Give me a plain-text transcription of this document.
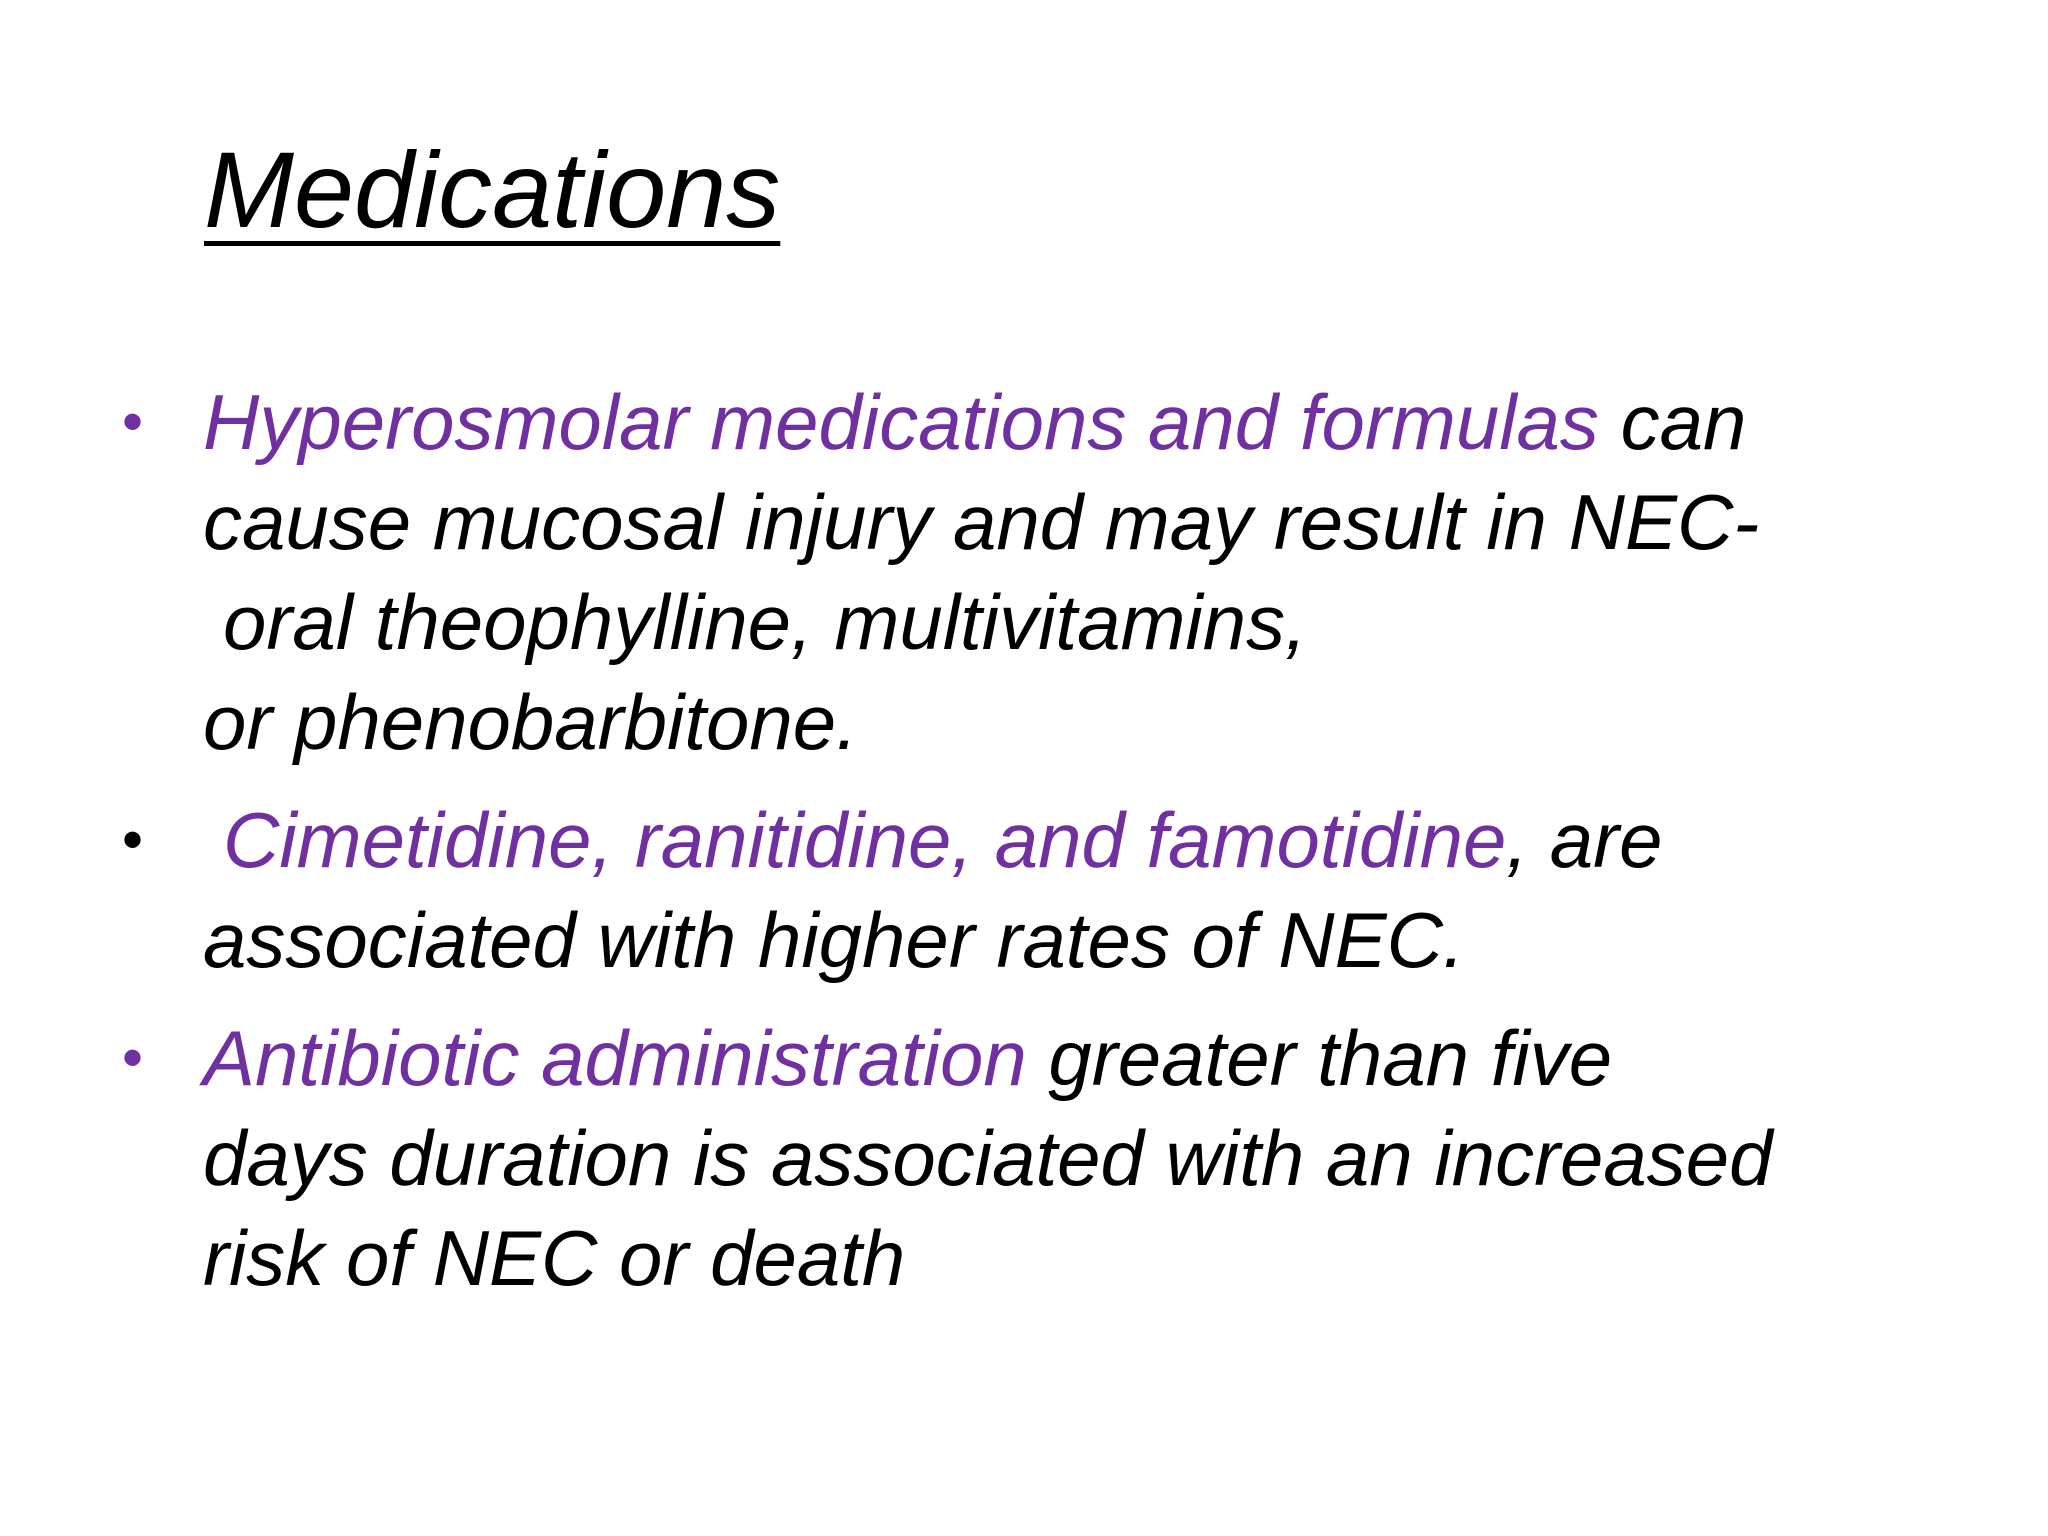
Medications
• Hyperosmolar medications and formulas can
cause mucosal injury and may result in NEC-
oral theophylline, multivitamins,
or phenobarbitone.
• Cimetidine, ranitidine, and famotidine, are
associated with higher rates of NEC.
• Antibiotic administration greater than five
days duration is associated with an increased
risk of NEC or death
